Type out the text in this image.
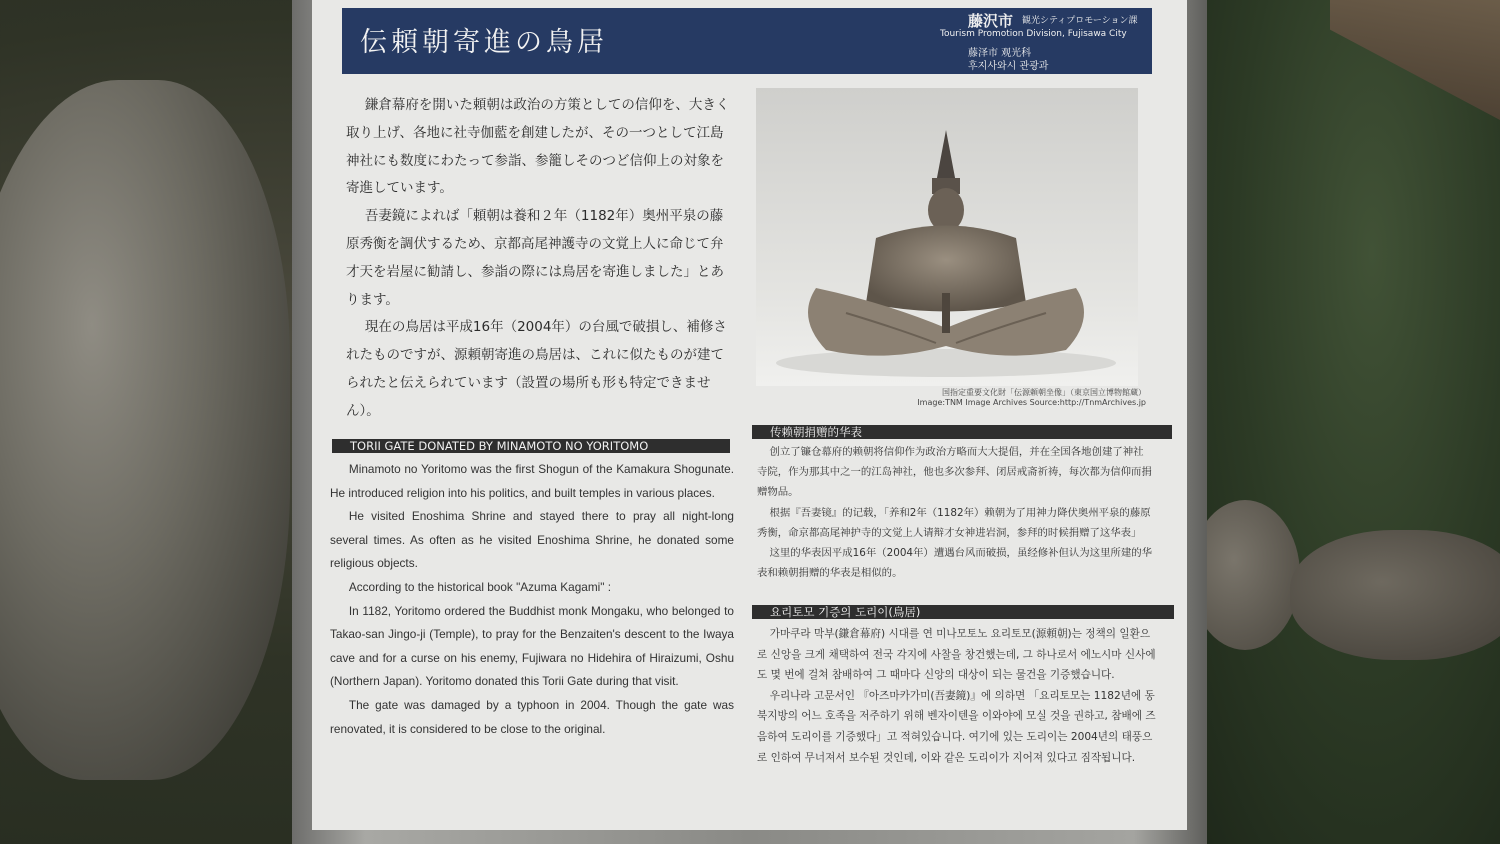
伝頼朝寄進の鳥居
藤沢市 観光シティプロモーション課
Tourism Promotion Division, Fujisawa City
藤泽市 观光科
후지사와시 관광과

鎌倉幕府を開いた頼朝は政治の方策としての信仰を、大きく取り上げ、各地に社寺伽藍を創建したが、その一つとして江島神社にも数度にわたって参詣、参籠しそのつど信仰上の対象を寄進しています。

吾妻鏡によれば「頼朝は養和２年（1182年）奥州平泉の藤原秀衡を調伏するため、京都高尾神護寺の文覚上人に命じて弁才天を岩屋に勧請し、参詣の際には鳥居を寄進しました」とあります。

現在の鳥居は平成16年（2004年）の台風で破損し、補修されたものですが、源頼朝寄進の鳥居は、これに似たものが建てられたと伝えられています（設置の場所も形も特定できません）。

国指定重要文化財「伝源頼朝坐像」（東京国立博物館蔵）
Image:TNM Image Archives Source:http://TnmArchives.jp
TORII GATE DONATED BY MINAMOTO NO YORITOMO

Minamoto no Yoritomo was the first Shogun of the Kamakura Shogunate. He introduced religion into his politics, and built temples in various places.

He visited Enoshima Shrine and stayed there to pray all night-long several times. As often as he visited Enoshima Shrine, he donated some religious objects.

According to the historical book "Azuma Kagami" :

In 1182, Yoritomo ordered the Buddhist monk Mongaku, who belonged to Takao-san Jingo-ji (Temple), to pray for the Benzaiten's descent to the Iwaya cave and for a curse on his enemy, Fujiwara no Hidehira of Hiraizumi, Oshu (Northern Japan). Yoritomo donated this Torii Gate during that visit.

The gate was damaged by a typhoon in 2004. Though the gate was renovated, it is considered to be close to the original.

传赖朝捐赠的华表

创立了镰仓幕府的赖朝将信仰作为政治方略而大大提倡，并在全国各地创建了神社寺院，作为那其中之一的江岛神社，他也多次参拜、闭居戒斋祈祷，每次都为信仰而捐赠物品。

根据『吾妻镜』的记载，「养和2年（1182年）赖朝为了用神力降伏奥州平泉的藤原秀衡，命京都高尾神护寺的文觉上人请辩才女神进岩洞，参拜的时候捐赠了这华表」

这里的华表因平成16年（2004年）遭遇台风而破损，虽经修补但认为这里所建的华表和赖朝捐赠的华表是相似的。

요리토모 기증의 도리이(鳥居)

가마쿠라 막부(鎌倉幕府) 시대를 연 미나모토노 요리토모(源頼朝)는 정책의 일환으로 신앙을 크게 채택하여 전국 각지에 사찰을 창건했는데, 그 하나로서 에노시마 신사에도 몇 번에 걸쳐 참배하여 그 때마다 신앙의 대상이 되는 물건을 기증했습니다.

우리나라 고문서인 『아즈마카가미(吾妻鏡)』에 의하면 「요리토모는 1182년에 동북지방의 어느 호족을 저주하기 위해 벤자이텐을 이와야에 모실 것을 권하고, 참배에 즈음하여 도리이를 기증했다」고 적혀있습니다. 여기에 있는 도리이는 2004년의 태풍으로 인하여 무너져서 보수된 것인데, 이와 같은 도리이가 지어져 있다고 짐작됩니다.
